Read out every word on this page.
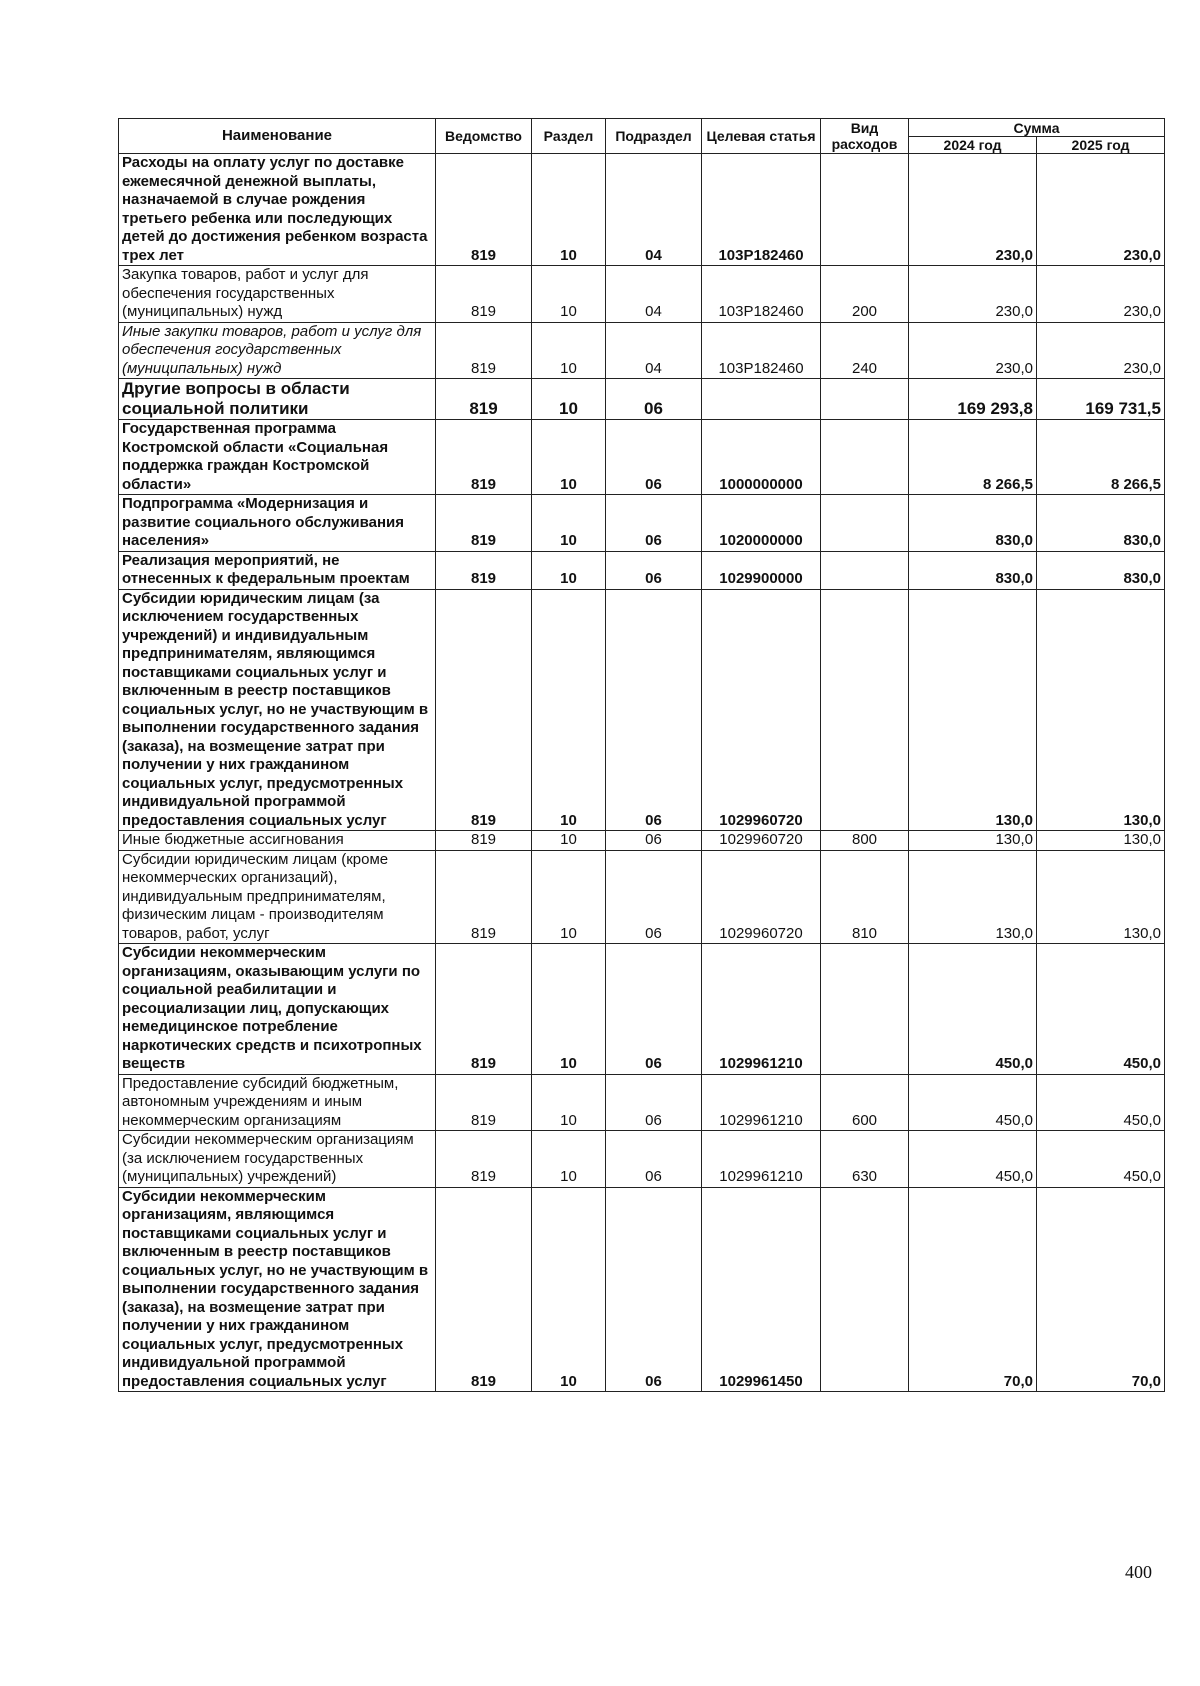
Наименование	Ведомство	Раздел	Подраздел	Целевая статья	Вид расходов	Сумма	
						2024 год	2025 год
Расходы на оплату услуг по доставке ежемесячной денежной выплаты, назначаемой в случае рождения третьего ребенка или последующих детей до достижения ребенком возраста трех лет	819	10	04	103P182460		230,0	230,0
Закупка товаров, работ и услуг для обеспечения государственных (муниципальных) нужд	819	10	04	103P182460	200	230,0	230,0
Иные закупки товаров, работ и услуг для обеспечения государственных (муниципальных) нужд	819	10	04	103P182460	240	230,0	230,0
Другие вопросы в области социальной политики	819	10	06			169 293,8	169 731,5
Государственная программа Костромской области «Социальная поддержка граждан Костромской области»	819	10	06	1000000000		8 266,5	8 266,5
Подпрограмма «Модернизация и развитие социального обслуживания населения»	819	10	06	1020000000		830,0	830,0
Реализация мероприятий, не отнесенных к федеральным проектам	819	10	06	1029900000		830,0	830,0
Субсидии юридическим лицам (за исключением государственных учреждений) и индивидуальным предпринимателям, являющимся поставщиками социальных услуг и включенным в реестр поставщиков социальных услуг, но не участвующим в выполнении государственного задания (заказа), на возмещение затрат при получении у них гражданином социальных услуг, предусмотренных индивидуальной программой предоставления социальных услуг	819	10	06	1029960720		130,0	130,0
Иные бюджетные ассигнования	819	10	06	1029960720	800	130,0	130,0
Субсидии юридическим лицам (кроме некоммерческих организаций), индивидуальным предпринимателям, физическим лицам - производителям товаров, работ, услуг	819	10	06	1029960720	810	130,0	130,0
Субсидии некоммерческим организациям, оказывающим услуги по социальной реабилитации и ресоциализации лиц, допускающих немедицинское потребление наркотических средств и психотропных веществ	819	10	06	1029961210		450,0	450,0
Предоставление субсидий бюджетным, автономным учреждениям и иным некоммерческим организациям	819	10	06	1029961210	600	450,0	450,0
Субсидии некоммерческим организациям (за исключением государственных (муниципальных) учреждений)	819	10	06	1029961210	630	450,0	450,0
Субсидии некоммерческим организациям, являющимся поставщиками социальных услуг и включенным в реестр поставщиков социальных услуг, но не участвующим в выполнении государственного задания (заказа), на возмещение затрат при получении у них гражданином социальных услуг, предусмотренных индивидуальной программой предоставления социальных услуг	819	10	06	1029961450		70,0	70,0
400
